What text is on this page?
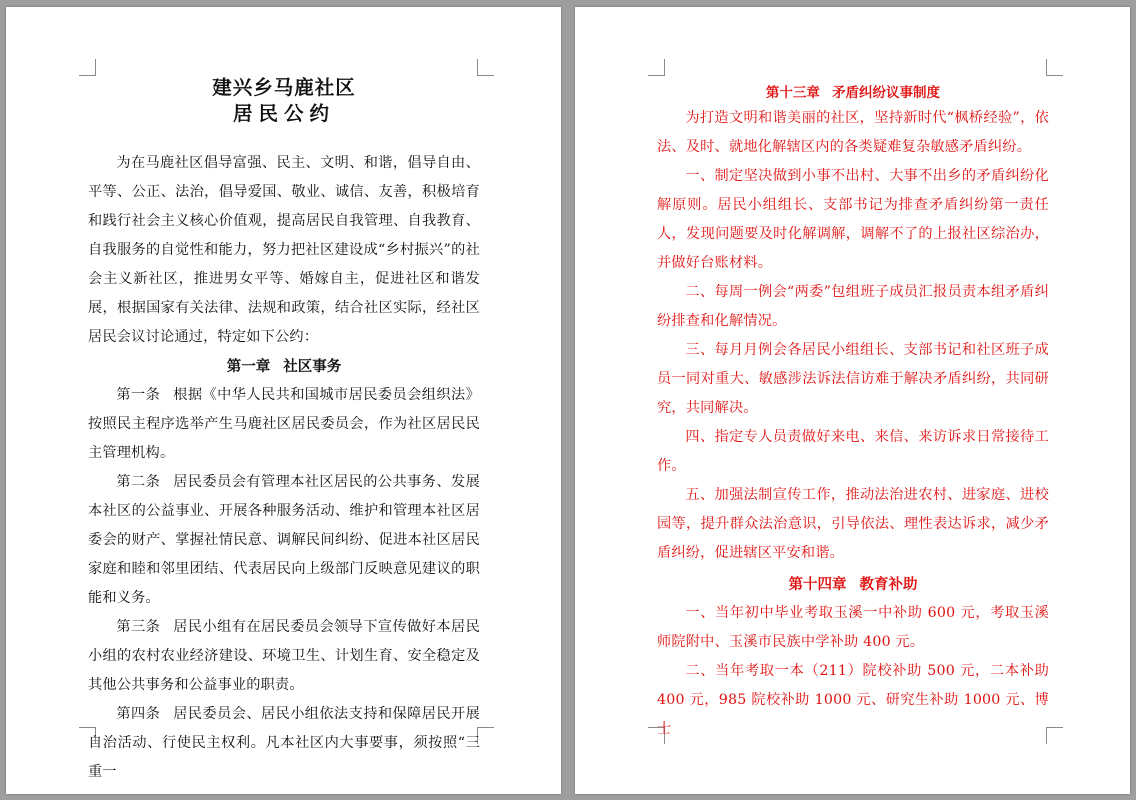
建兴乡马鹿社区
居民公约

为在马鹿社区倡导富强、民主、文明、和谐，倡导自由、平等、公正、法治，倡导爱国、敬业、诚信、友善，积极培育和践行社会主义核心价值观，提高居民自我管理、自我教育、自我服务的自觉性和能力，努力把社区建设成“乡村振兴”的社会主义新社区，推进男女平等、婚嫁自主，促进社区和谐发展，根据国家有关法律、法规和政策，结合社区实际，经社区居民会议讨论通过，特定如下公约：

第一章 社区事务

第一条 根据《中华人民共和国城市居民委员会组织法》按照民主程序选举产生马鹿社区居民委员会，作为社区居民民主管理机构。

第二条 居民委员会有管理本社区居民的公共事务、发展本社区的公益事业、开展各种服务活动、维护和管理本社区居委会的财产、掌握社情民意、调解民间纠纷、促进本社区居民家庭和睦和邻里团结、代表居民向上级部门反映意见建议的职能和义务。

第三条 居民小组有在居民委员会领导下宣传做好本居民小组的农村农业经济建设、环境卫生、计划生育、安全稳定及其他公共事务和公益事业的职责。

第四条 居民委员会、居民小组依法支持和保障居民开展自治活动、行使民主权利。凡本社区内大事要事，须按照“三重一

第十三章 矛盾纠纷议事制度

为打造文明和谐美丽的社区，坚持新时代“枫桥经验”，依法、及时、就地化解辖区内的各类疑难复杂敏感矛盾纠纷。

一、制定坚决做到小事不出村、大事不出乡的矛盾纠纷化解原则。居民小组组长、支部书记为排查矛盾纠纷第一责任人，发现问题要及时化解调解，调解不了的上报社区综治办，并做好台账材料。

二、每周一例会“两委”包组班子成员汇报员责本组矛盾纠纷排查和化解情况。

三、每月月例会各居民小组组长、支部书记和社区班子成员一同对重大、敏感涉法诉法信访难于解决矛盾纠纷，共同研究，共同解决。

四、指定专人员责做好来电、来信、来访诉求日常接待工作。

五、加强法制宣传工作，推动法治进农村、进家庭、进校园等，提升群众法治意识，引导依法、理性表达诉求，减少矛盾纠纷，促进辖区平安和谐。

第十四章 教育补助

一、当年初中毕业考取玉溪一中补助 600 元，考取玉溪师院附中、玉溪市民族中学补助 400 元。

二、当年考取一本（211）院校补助 500 元，二本补助 400 元，985 院校补助 1000 元、研究生补助 1000 元、博士
